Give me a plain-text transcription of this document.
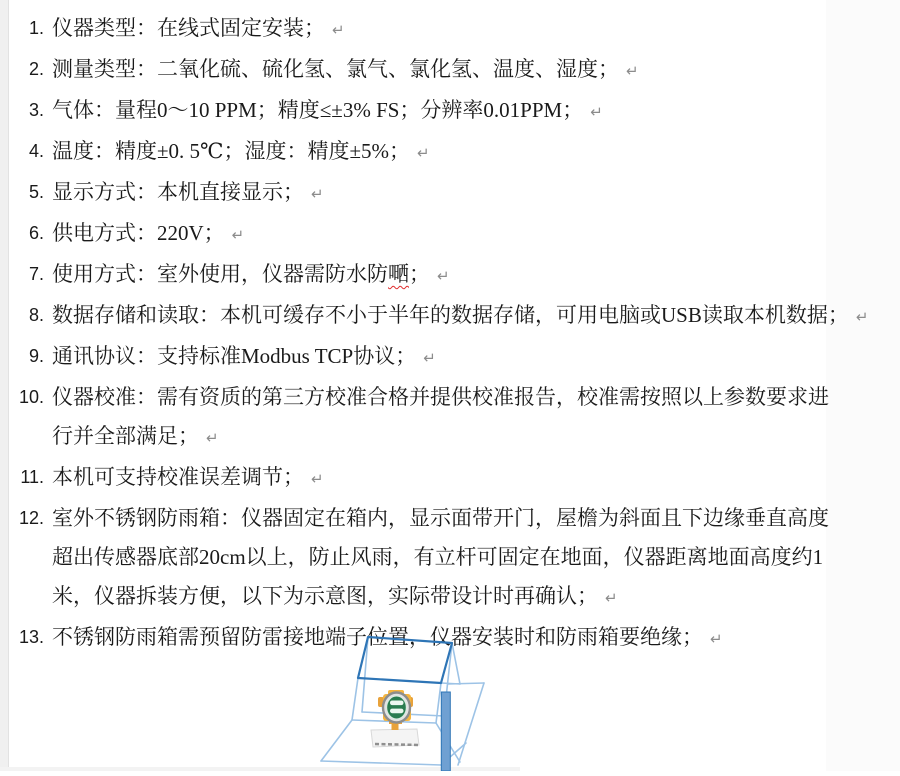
1. 仪器类型：在线式固定安装； ↵
2. 测量类型：二氧化硫、硫化氢、氯气、氯化氢、温度、湿度； ↵
3. 气体：量程0～10 PPM；精度≤±3% FS；分辨率0.01PPM； ↵
4. 温度：精度±0. 5℃；湿度：精度±5%； ↵
5. 显示方式：本机直接显示； ↵
6. 供电方式：220V； ↵
7. 使用方式：室外使用，仪器需防水防嗮； ↵
8. 数据存储和读取：本机可缓存不小于半年的数据存储，可用电脑或USB读取本机数据； ↵
9. 通讯协议：支持标准Modbus TCP协议； ↵
10. 仪器校准：需有资质的第三方校准合格并提供校准报告，校准需按照以上参数要求进
行并全部满足； ↵
11. 本机可支持校准误差调节； ↵
12. 室外不锈钢防雨箱：仪器固定在箱内，显示面带开门，屋檐为斜面且下边缘垂直高度
超出传感器底部20cm以上，防止风雨，有立杆可固定在地面，仪器距离地面高度约1
米，仪器拆装方便，以下为示意图，实际带设计时再确认； ↵
13. 不锈钢防雨箱需预留防雷接地端子位置，仪器安装时和防雨箱要绝缘； ↵
